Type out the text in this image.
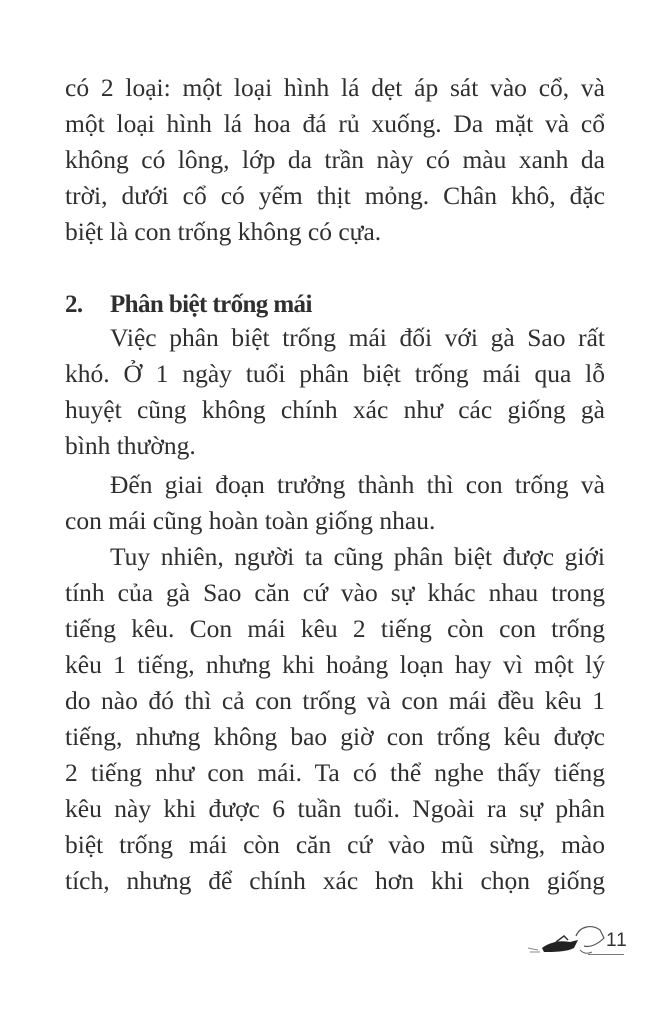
có 2 loại: một loại hình lá dẹt áp sát vào cổ, và
một loại hình lá hoa đá rủ xuống. Da mặt và cổ
không có lông, lớp da trần này có màu xanh da
trời, dưới cổ có yếm thịt mỏng. Chân khô, đặc
biệt là con trống không có cựa.
2. Phân biệt trống mái
Việc phân biệt trống mái đối với gà Sao rất
khó. Ở 1 ngày tuổi phân biệt trống mái qua lỗ
huyệt cũng không chính xác như các giống gà
bình thường.
Đến giai đoạn trưởng thành thì con trống và
con mái cũng hoàn toàn giống nhau.
Tuy nhiên, người ta cũng phân biệt được giới
tính của gà Sao căn cứ vào sự khác nhau trong
tiếng kêu. Con mái kêu 2 tiếng còn con trống
kêu 1 tiếng, nhưng khi hoảng loạn hay vì một lý
do nào đó thì cả con trống và con mái đều kêu 1
tiếng, nhưng không bao giờ con trống kêu được
2 tiếng như con mái. Ta có thể nghe thấy tiếng
kêu này khi được 6 tuần tuổi. Ngoài ra sự phân
biệt trống mái còn căn cứ vào mũ sừng, mào
tích, nhưng để chính xác hơn khi chọn giống
11
